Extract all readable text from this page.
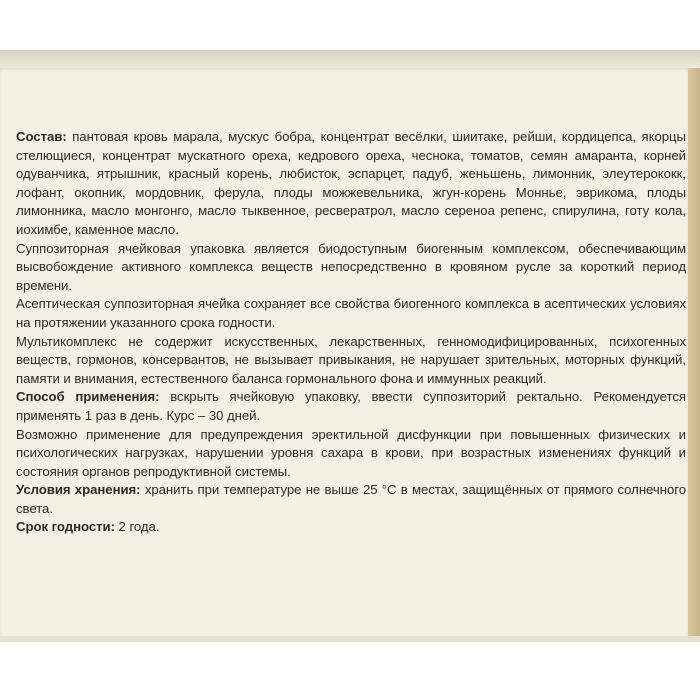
Состав: пантовая кровь марала, мускус бобра, концентрат весёлки, шиитаке, рейши, кордицепса, якорцы стелющиеся, концентрат мускатного ореха, кедрового ореха, чеснока, томатов, семян амаранта, корней одуванчика, ятрышник, красный корень, любисток, эспарцет, падуб, женьшень, лимонник, элеутерококк, лофант, окопник, мордовник, ферула, плоды можжевельника, жгун-корень Монньe, эврикома, плоды лимонника, масло монгонго, масло тыквенное, ресвератрол, масло сереноа репенс, спирулина, готу кола, иохимбе, каменное масло.

Суппозиторная ячейковая упаковка является биодоступным биогенным комплексом, обеспечивающим высвобождение активного комплекса веществ непосредственно в кровяном русле за короткий период времени.

Асептическая суппозиторная ячейка сохраняет все свойства биогенного комплекса в асептических условиях на протяжении указанного срока годности.

Мультикомплекс не содержит искусственных, лекарственных, генномодифицированных, психогенных веществ, гормонов, консервантов, не вызывает привыкания, не нарушает зрительных, моторных функций, памяти и внимания, естественного баланса гормонального фона и иммунных реакций.

Способ применения: вскрыть ячейковую упаковку, ввести суппозиторий ректально. Рекомендуется применять 1 раз в день. Курс – 30 дней.

Возможно применение для предупреждения эректильной дисфункции при повышенных физических и психологических нагрузках, нарушении уровня сахара в крови, при возрастных изменениях функций и состояния органов репродуктивной системы.

Условия хранения: хранить при температуре не выше 25 °С в местах, защищённых от прямого солнечного света.

Срок годности: 2 года.
